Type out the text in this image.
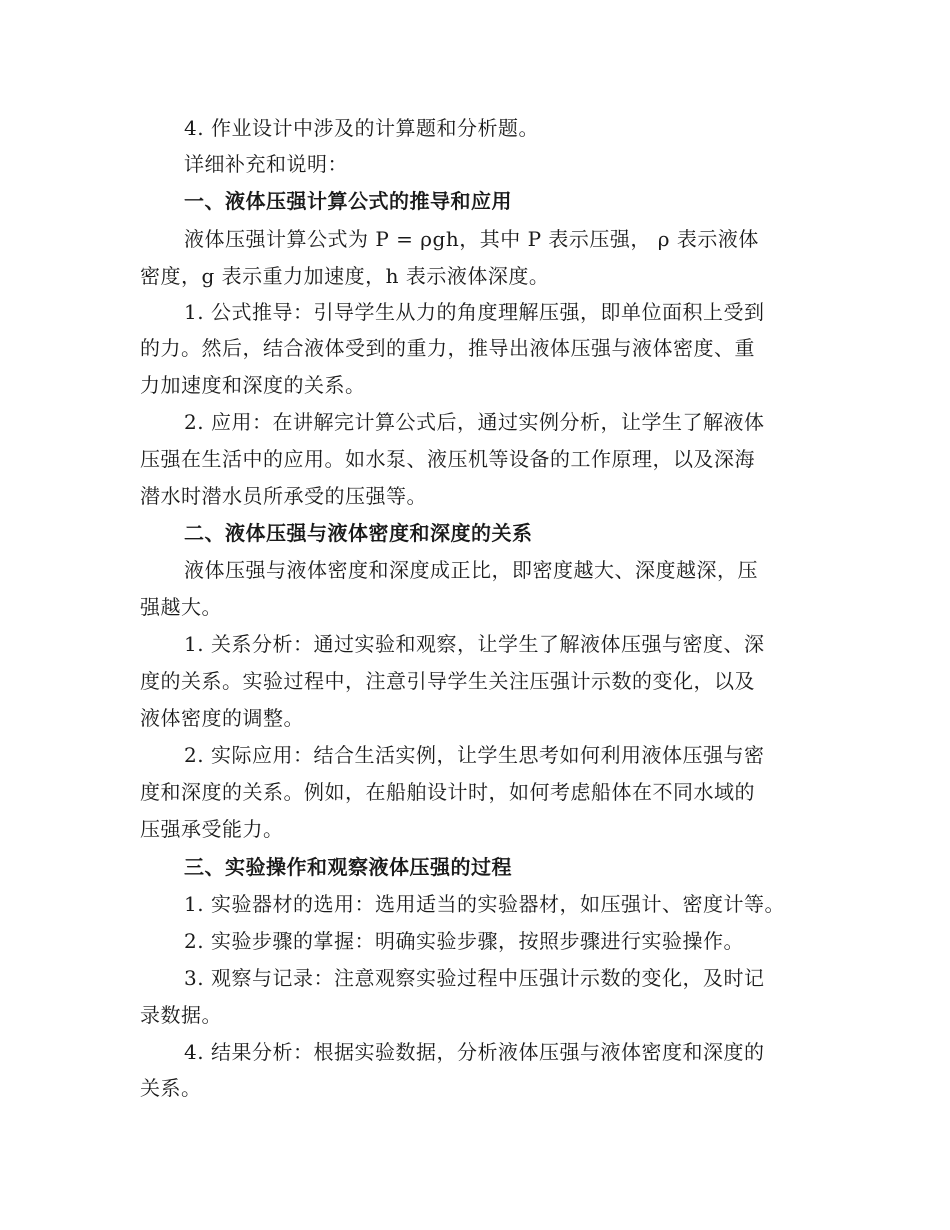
4. 作业设计中涉及的计算题和分析题。
详细补充和说明：
一、液体压强计算公式的推导和应用
液体压强计算公式为 P = ρgh，其中 P 表示压强， ρ 表示液体
密度，g 表示重力加速度，h 表示液体深度。
1. 公式推导：引导学生从力的角度理解压强，即单位面积上受到
的力。然后，结合液体受到的重力，推导出液体压强与液体密度、重
力加速度和深度的关系。
2. 应用：在讲解完计算公式后，通过实例分析，让学生了解液体
压强在生活中的应用。如水泵、液压机等设备的工作原理，以及深海
潜水时潜水员所承受的压强等。
二、液体压强与液体密度和深度的关系
液体压强与液体密度和深度成正比，即密度越大、深度越深，压
强越大。
1. 关系分析：通过实验和观察，让学生了解液体压强与密度、深
度的关系。实验过程中，注意引导学生关注压强计示数的变化，以及
液体密度的调整。
2. 实际应用：结合生活实例，让学生思考如何利用液体压强与密
度和深度的关系。例如，在船舶设计时，如何考虑船体在不同水域的
压强承受能力。
三、实验操作和观察液体压强的过程
1. 实验器材的选用：选用适当的实验器材，如压强计、密度计等。
2. 实验步骤的掌握：明确实验步骤，按照步骤进行实验操作。
3. 观察与记录：注意观察实验过程中压强计示数的变化，及时记
录数据。
4. 结果分析：根据实验数据，分析液体压强与液体密度和深度的
关系。
